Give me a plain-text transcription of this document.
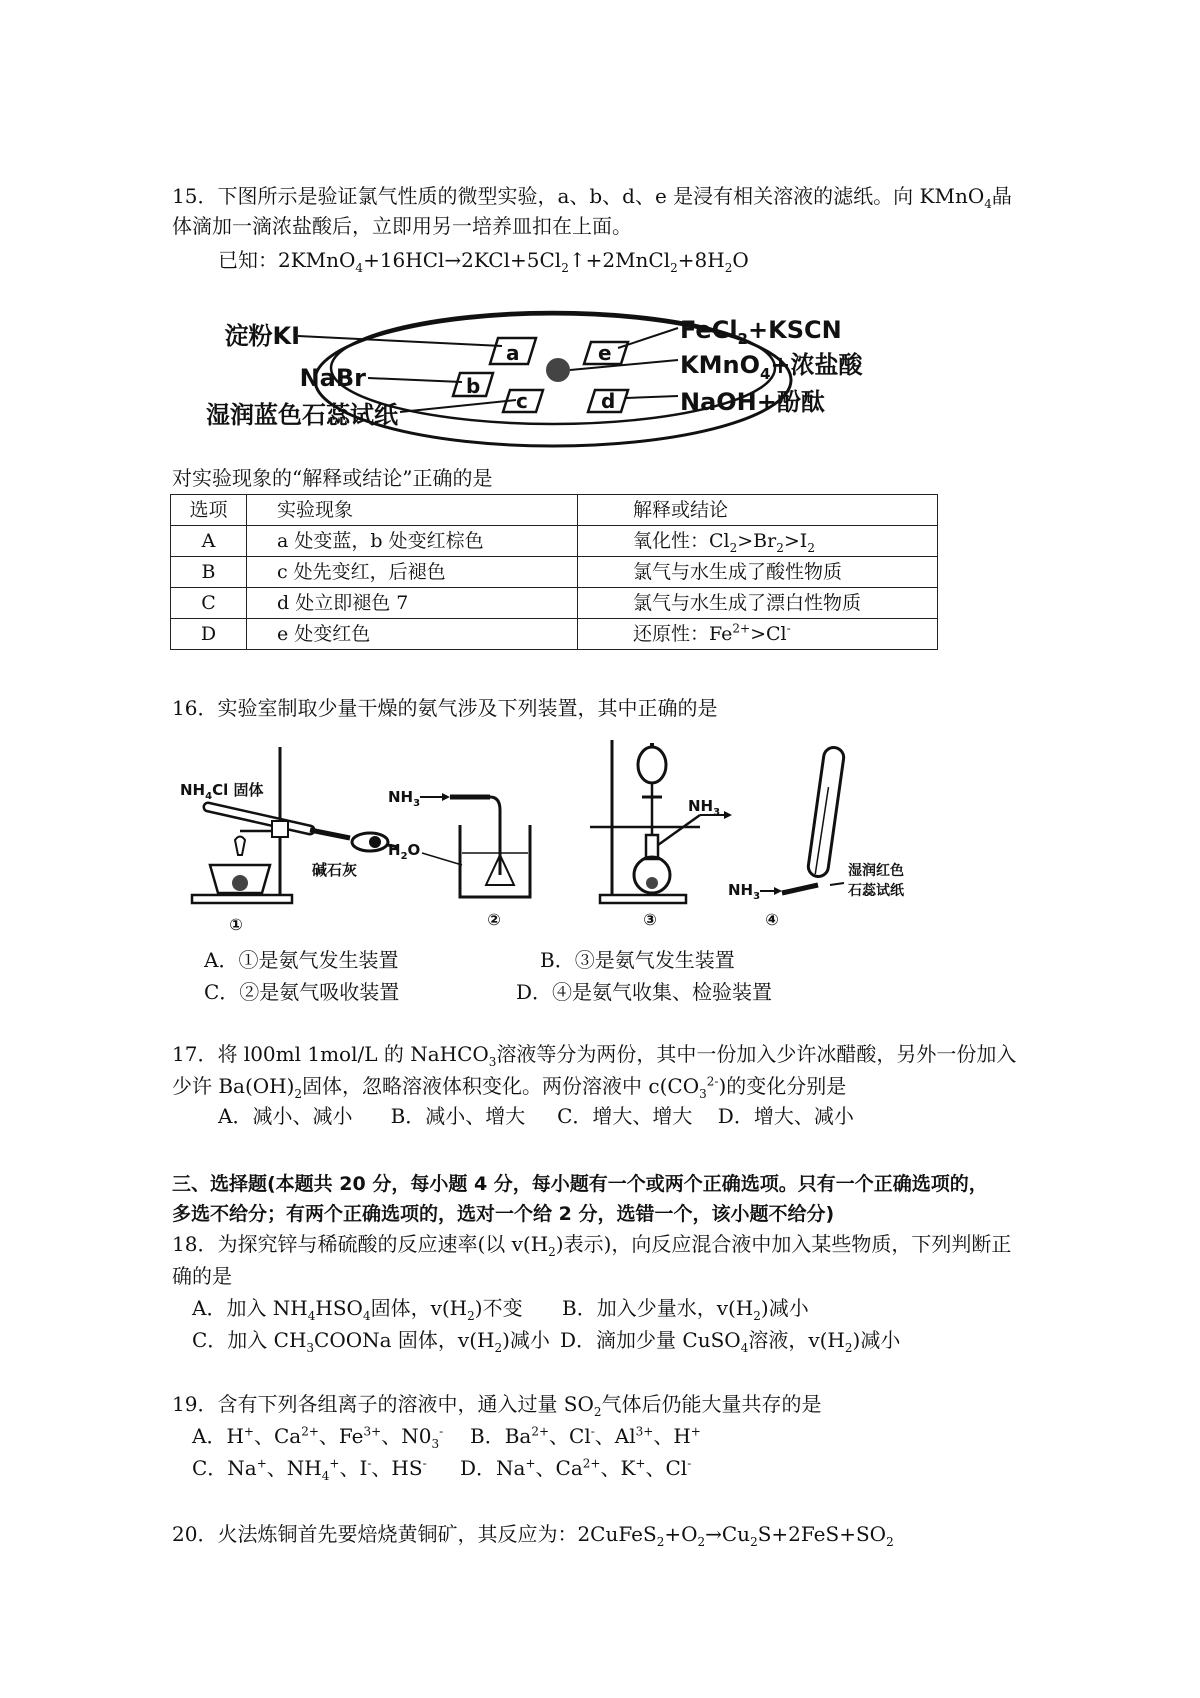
15．下图所示是验证氯气性质的微型实验，a、b、d、e 是浸有相关溶液的滤纸。向 KMnO$_4$晶
体滴加一滴浓盐酸后，立即用另一培养皿扣在上面。
已知：$2KMnO_4+16HCl\to 2KCl+5Cl_2↑+2MnCl_2+8H_2O$
a
b
c	d
e
淀粉KI
NaBr
湿润蓝色石蕊试纸
FeCl$_2$+KSCN
KMnO$_4$+浓盐酸
NaOH+酚酞
对实验现象的“解释或结论”正确的是
选项	实验现象	解释或结论
A	a 处变蓝，b 处变红棕色	氧化性：$Cl_2>Br_2>I_2$
B	c 处先变红，后褪色	氯气与水生成了酸性物质
C	d 处立即褪色 7	氯气与水生成了漂白性物质
D	e 处变红色	还原性：$Fe^{2+}>Cl^-$
16．实验室制取少量干燥的氨气涉及下列装置，其中正确的是
$NH_4Cl$ 固体
碱石灰
①
$NH_3$
$H_2O$
②
$NH_3$
③
$NH_3$
湿润红色
石蕊试纸
④
A．①是氨气发生装置	B．③是氨气发生装置
C．②是氨气吸收装置	D．④是氨气收集、检验装置
17．将 l00ml 1mol/L 的 NaHCO$_3$溶液等分为两份，其中一份加入少许冰醋酸，另外一份加入
少许 $Ba(OH)_2$固体，忽略溶液体积变化。两份溶液中 $c(CO_3^{2-})$的变化分别是
A．减小、减小      B．减小、增大     C．增大、增大    D．增大、减小
三、选择题(本题共 20 分，每小题 4 分，每小题有一个或两个正确选项。只有一个正确选项的，
多选不给分；有两个正确选项的，选对一个给 2 分，选错一个，该小题不给分)
18．为探究锌与稀硫酸的反应速率(以 $v(H_2)$表示)，向反应混合液中加入某些物质，下列判断正
确的是
A．加入 $NH_4HSO_4$固体，$v(H_2)$不变 B．加入少量水，$v(H_2)$减小
C．加入 $CH_3COONa$ 固体，$v(H_2)$减小 D．滴加少量 CuSO$_4$溶液，$v(H_2)$减小
19．含有下列各组离子的溶液中，通入过量 $SO_2$气体后仍能大量共存的是
A．H+、$Ca^{2+}$、$Fe^{3+}$、$N0_3^-$ B．$Ba^{2+}$、Cl-、$Al^{3+}$、H+
C．Na+、$NH_4^+$、I-、HS- D．Na+、$Ca^{2+}$、K+、Cl-
20．火法炼铜首先要焙烧黄铜矿，其反应为：$2CuFeS_2+O_2\to Cu_2S+2FeS+SO_2$
